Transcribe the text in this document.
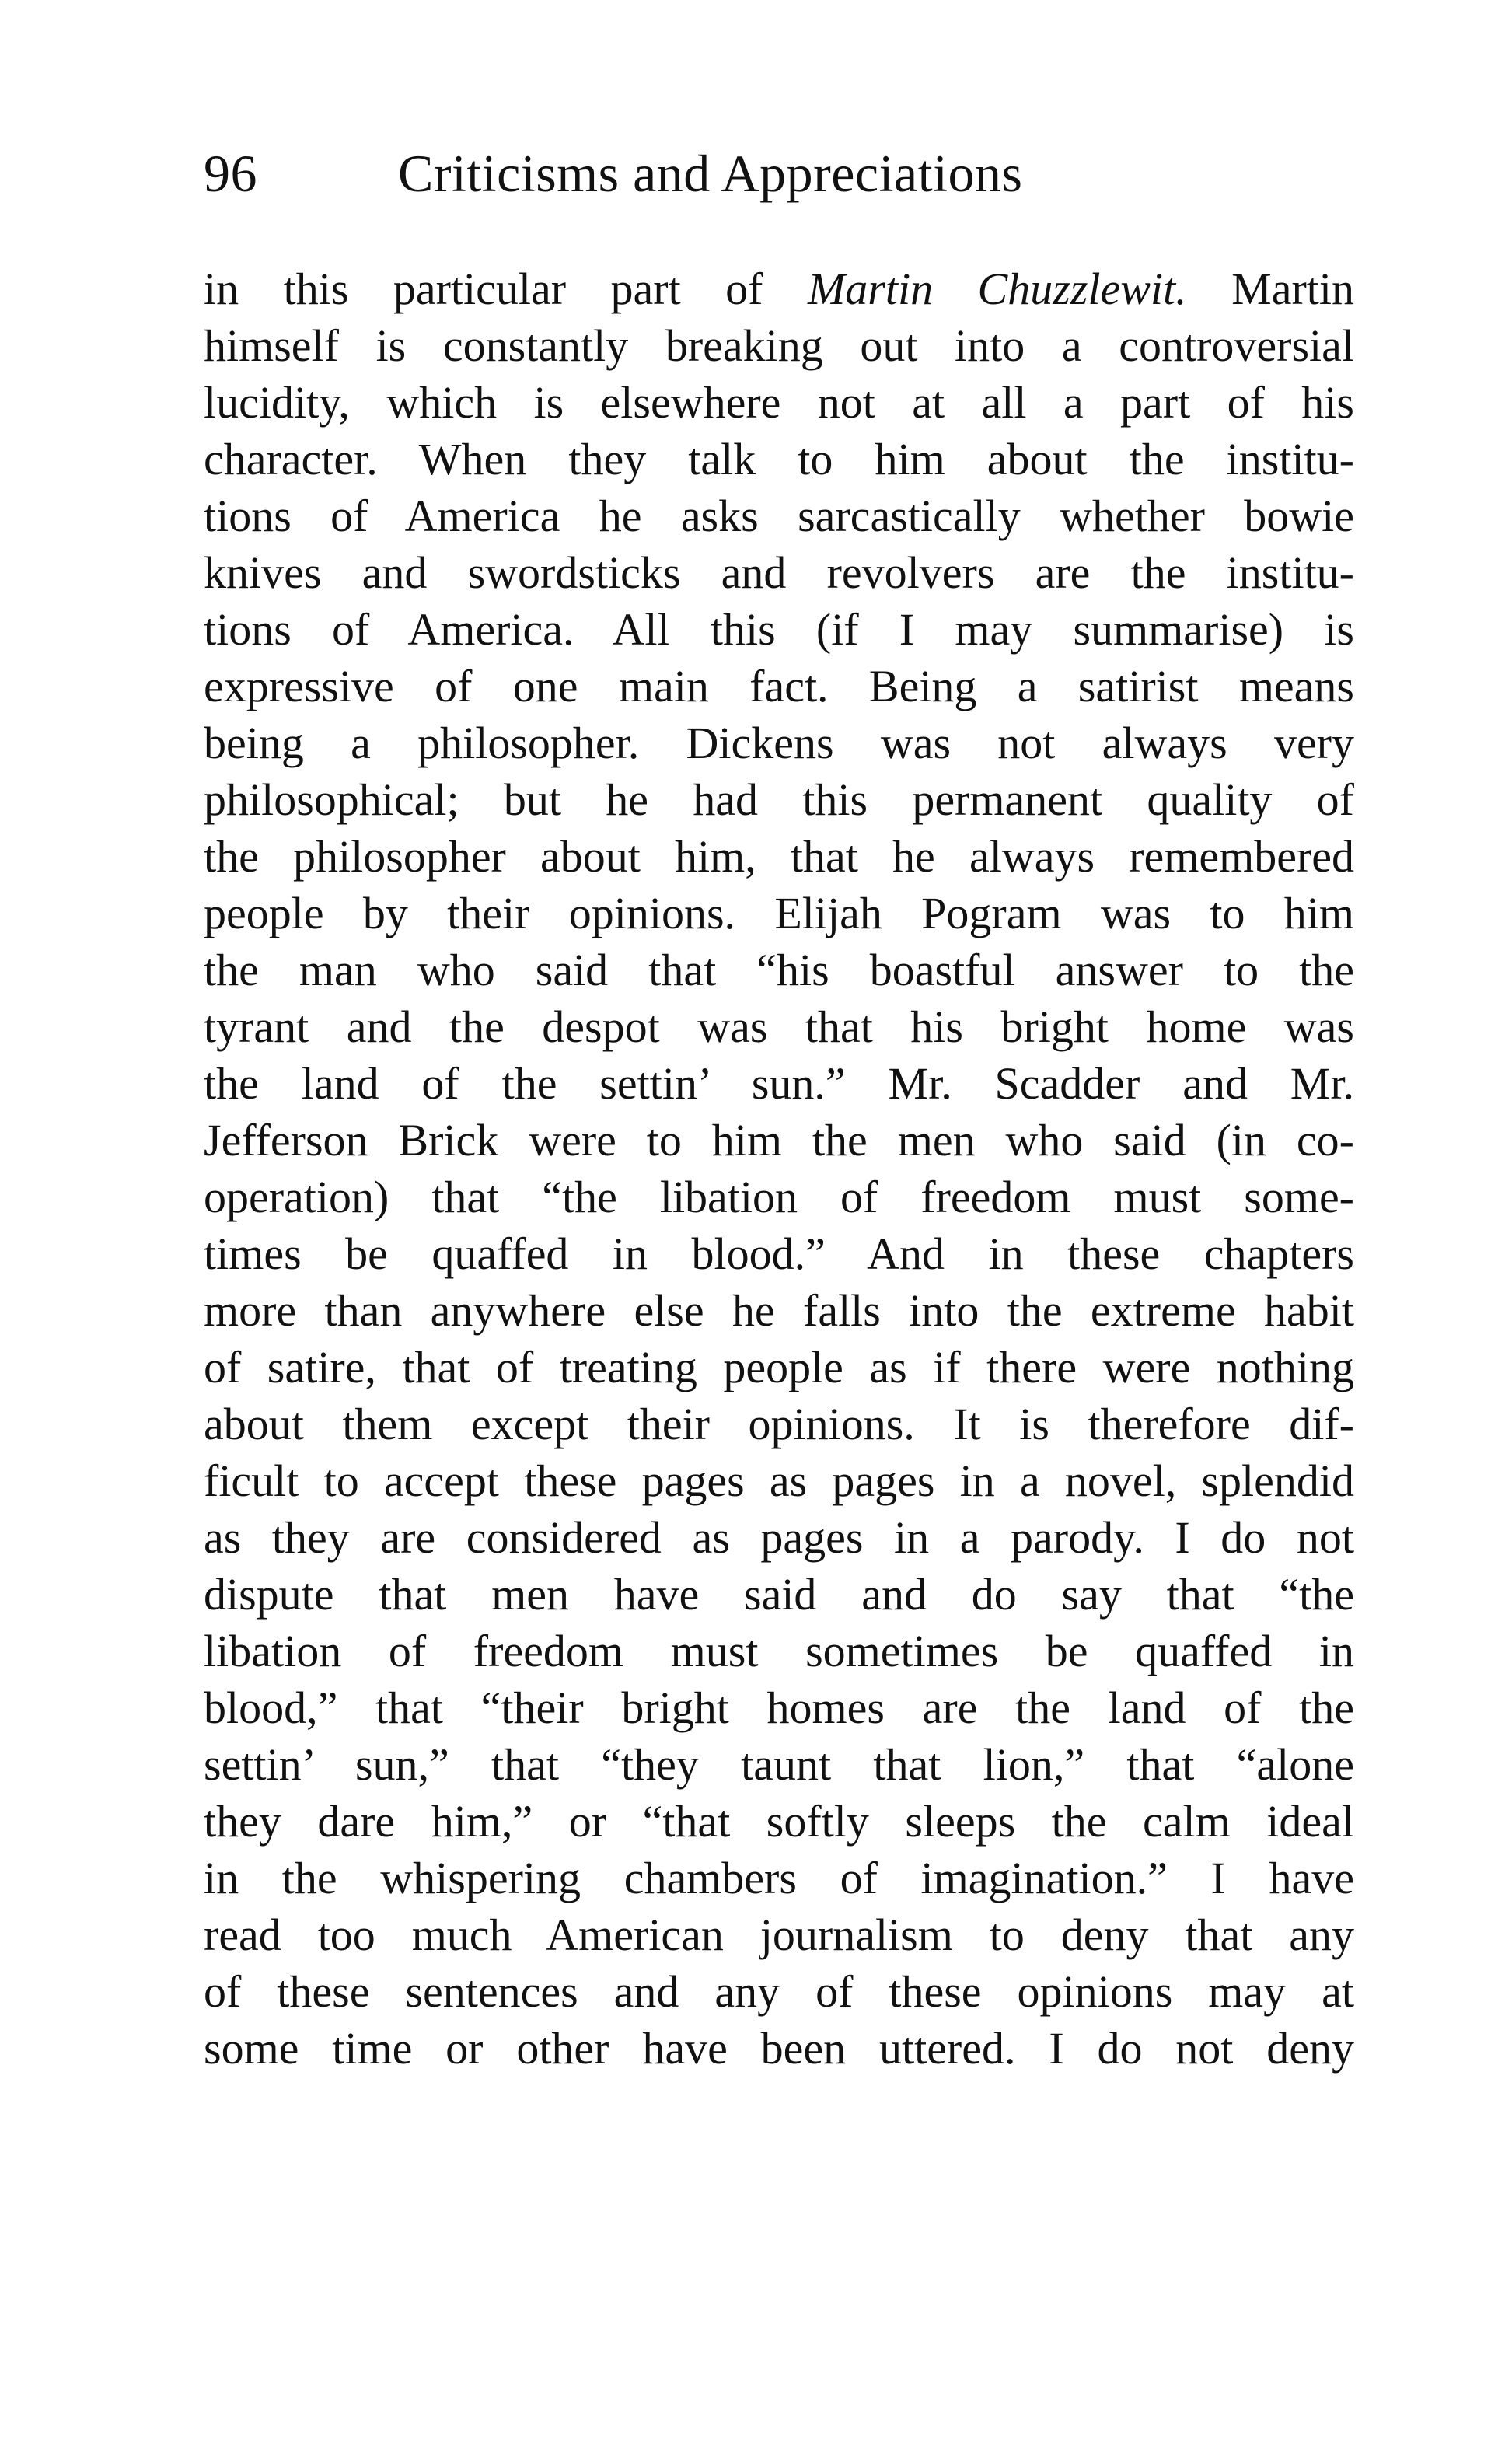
96	Criticisms and Appreciations
in this particular part of Martin Chuzzlewit. Martin
himself is constantly breaking out into a controversial
lucidity, which is elsewhere not at all a part of his
character. When they talk to him about the institu-
tions of America he asks sarcastically whether bowie
knives and swordsticks and revolvers are the institu-
tions of America. All this (if I may summarise) is
expressive of one main fact. Being a satirist means
being a philosopher. Dickens was not always very
philosophical; but he had this permanent quality of
the philosopher about him, that he always remembered
people by their opinions. Elijah Pogram was to him
the man who said that “his boastful answer to the
tyrant and the despot was that his bright home was
the land of the settin’ sun.” Mr. Scadder and Mr.
Jefferson Brick were to him the men who said (in co-
operation) that “the libation of freedom must some-
times be quaffed in blood.” And in these chapters
more than anywhere else he falls into the extreme habit
of satire, that of treating people as if there were nothing
about them except their opinions. It is therefore dif-
ficult to accept these pages as pages in a novel, splendid
as they are considered as pages in a parody. I do not
dispute that men have said and do say that “the
libation of freedom must sometimes be quaffed in
blood,” that “their bright homes are the land of the
settin’ sun,” that “they taunt that lion,” that “alone
they dare him,” or “that softly sleeps the calm ideal
in the whispering chambers of imagination.” I have
read too much American journalism to deny that any
of these sentences and any of these opinions may at
some time or other have been uttered. I do not deny
